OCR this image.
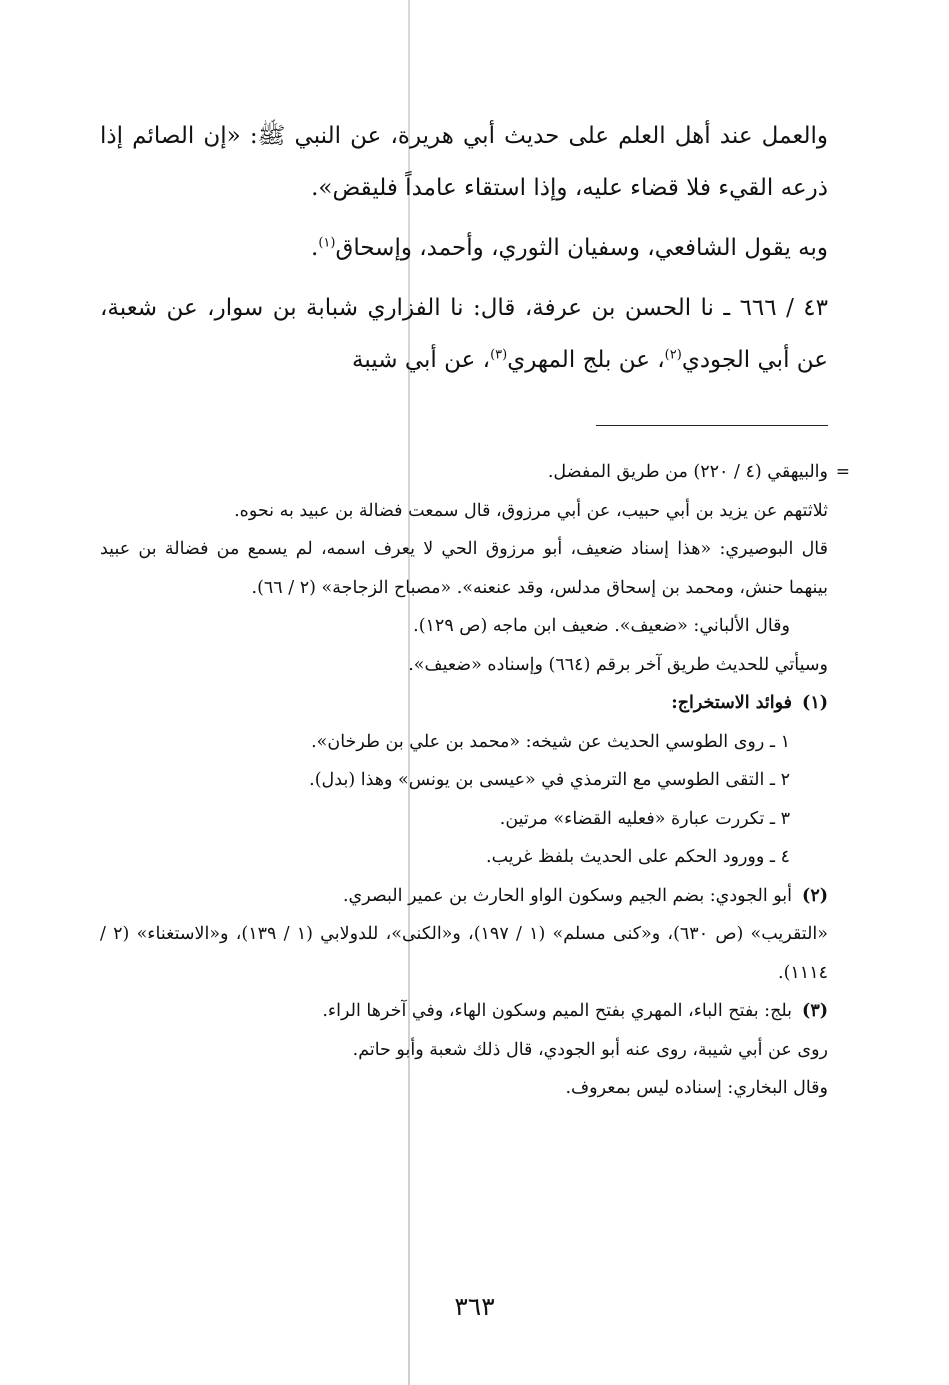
والعمل عند أهل العلم على حديث أبي هريرة، عن النبي ﷺ: «إن الصائم إذا ذرعه القيء فلا قضاء عليه، وإذا استقاء عامداً فليقض».

وبه يقول الشافعي، وسفيان الثوري، وأحمد، وإسحاق$^{(١)}$.

٤٣ / ٦٦٦ ـ نا الحسن بن عرفة، قال: نا الفزاري شبابة بن سوار، عن شعبة، عن أبي الجودي$^{(٢)}$، عن بلج المهري$^{(٣)}$، عن أبي شيبة

=
والبيهقي (٤ / ٢٢٠) من طريق المفضل.

ثلاثتهم عن يزيد بن أبي حبيب، عن أبي مرزوق، قال سمعت فضالة بن عبيد به نحوه.

قال البوصيري: «هذا إسناد ضعيف، أبو مرزوق الحي لا يعرف اسمه، لم يسمع من فضالة بن عبيد بينهما حنش، ومحمد بن إسحاق مدلس، وقد عنعنه». «مصباح الزجاجة» (٢ / ٦٦).

وقال الألباني: «ضعيف». ضعيف ابن ماجه (ص ١٢٩).

وسيأتي للحديث طريق آخر برقم (٦٦٤) وإسناده «ضعيف».

(١)فوائد الاستخراج:

١ ـ روى الطوسي الحديث عن شيخه: «محمد بن علي بن طرخان».

٢ ـ التقى الطوسي مع الترمذي في «عيسى بن يونس» وهذا (بدل).

٣ ـ تكررت عبارة «فعليه القضاء» مرتين.

٤ ـ وورود الحكم على الحديث بلفظ غريب.

(٢)أبو الجودي: بضم الجيم وسكون الواو الحارث بن عمير البصري.

«التقريب» (ص ٦٣٠)، و«كنى مسلم» (١ / ١٩٧)، و«الكنى»، للدولابي (١ / ١٣٩)، و«الاستغناء» (٢ / ١١١٤).

(٣)بلج: بفتح الباء، المهري بفتح الميم وسكون الهاء، وفي آخرها الراء.

روى عن أبي شيبة، روى عنه أبو الجودي، قال ذلك شعبة وأبو حاتم.

وقال البخاري: إسناده ليس بمعروف.

٣٦٣
